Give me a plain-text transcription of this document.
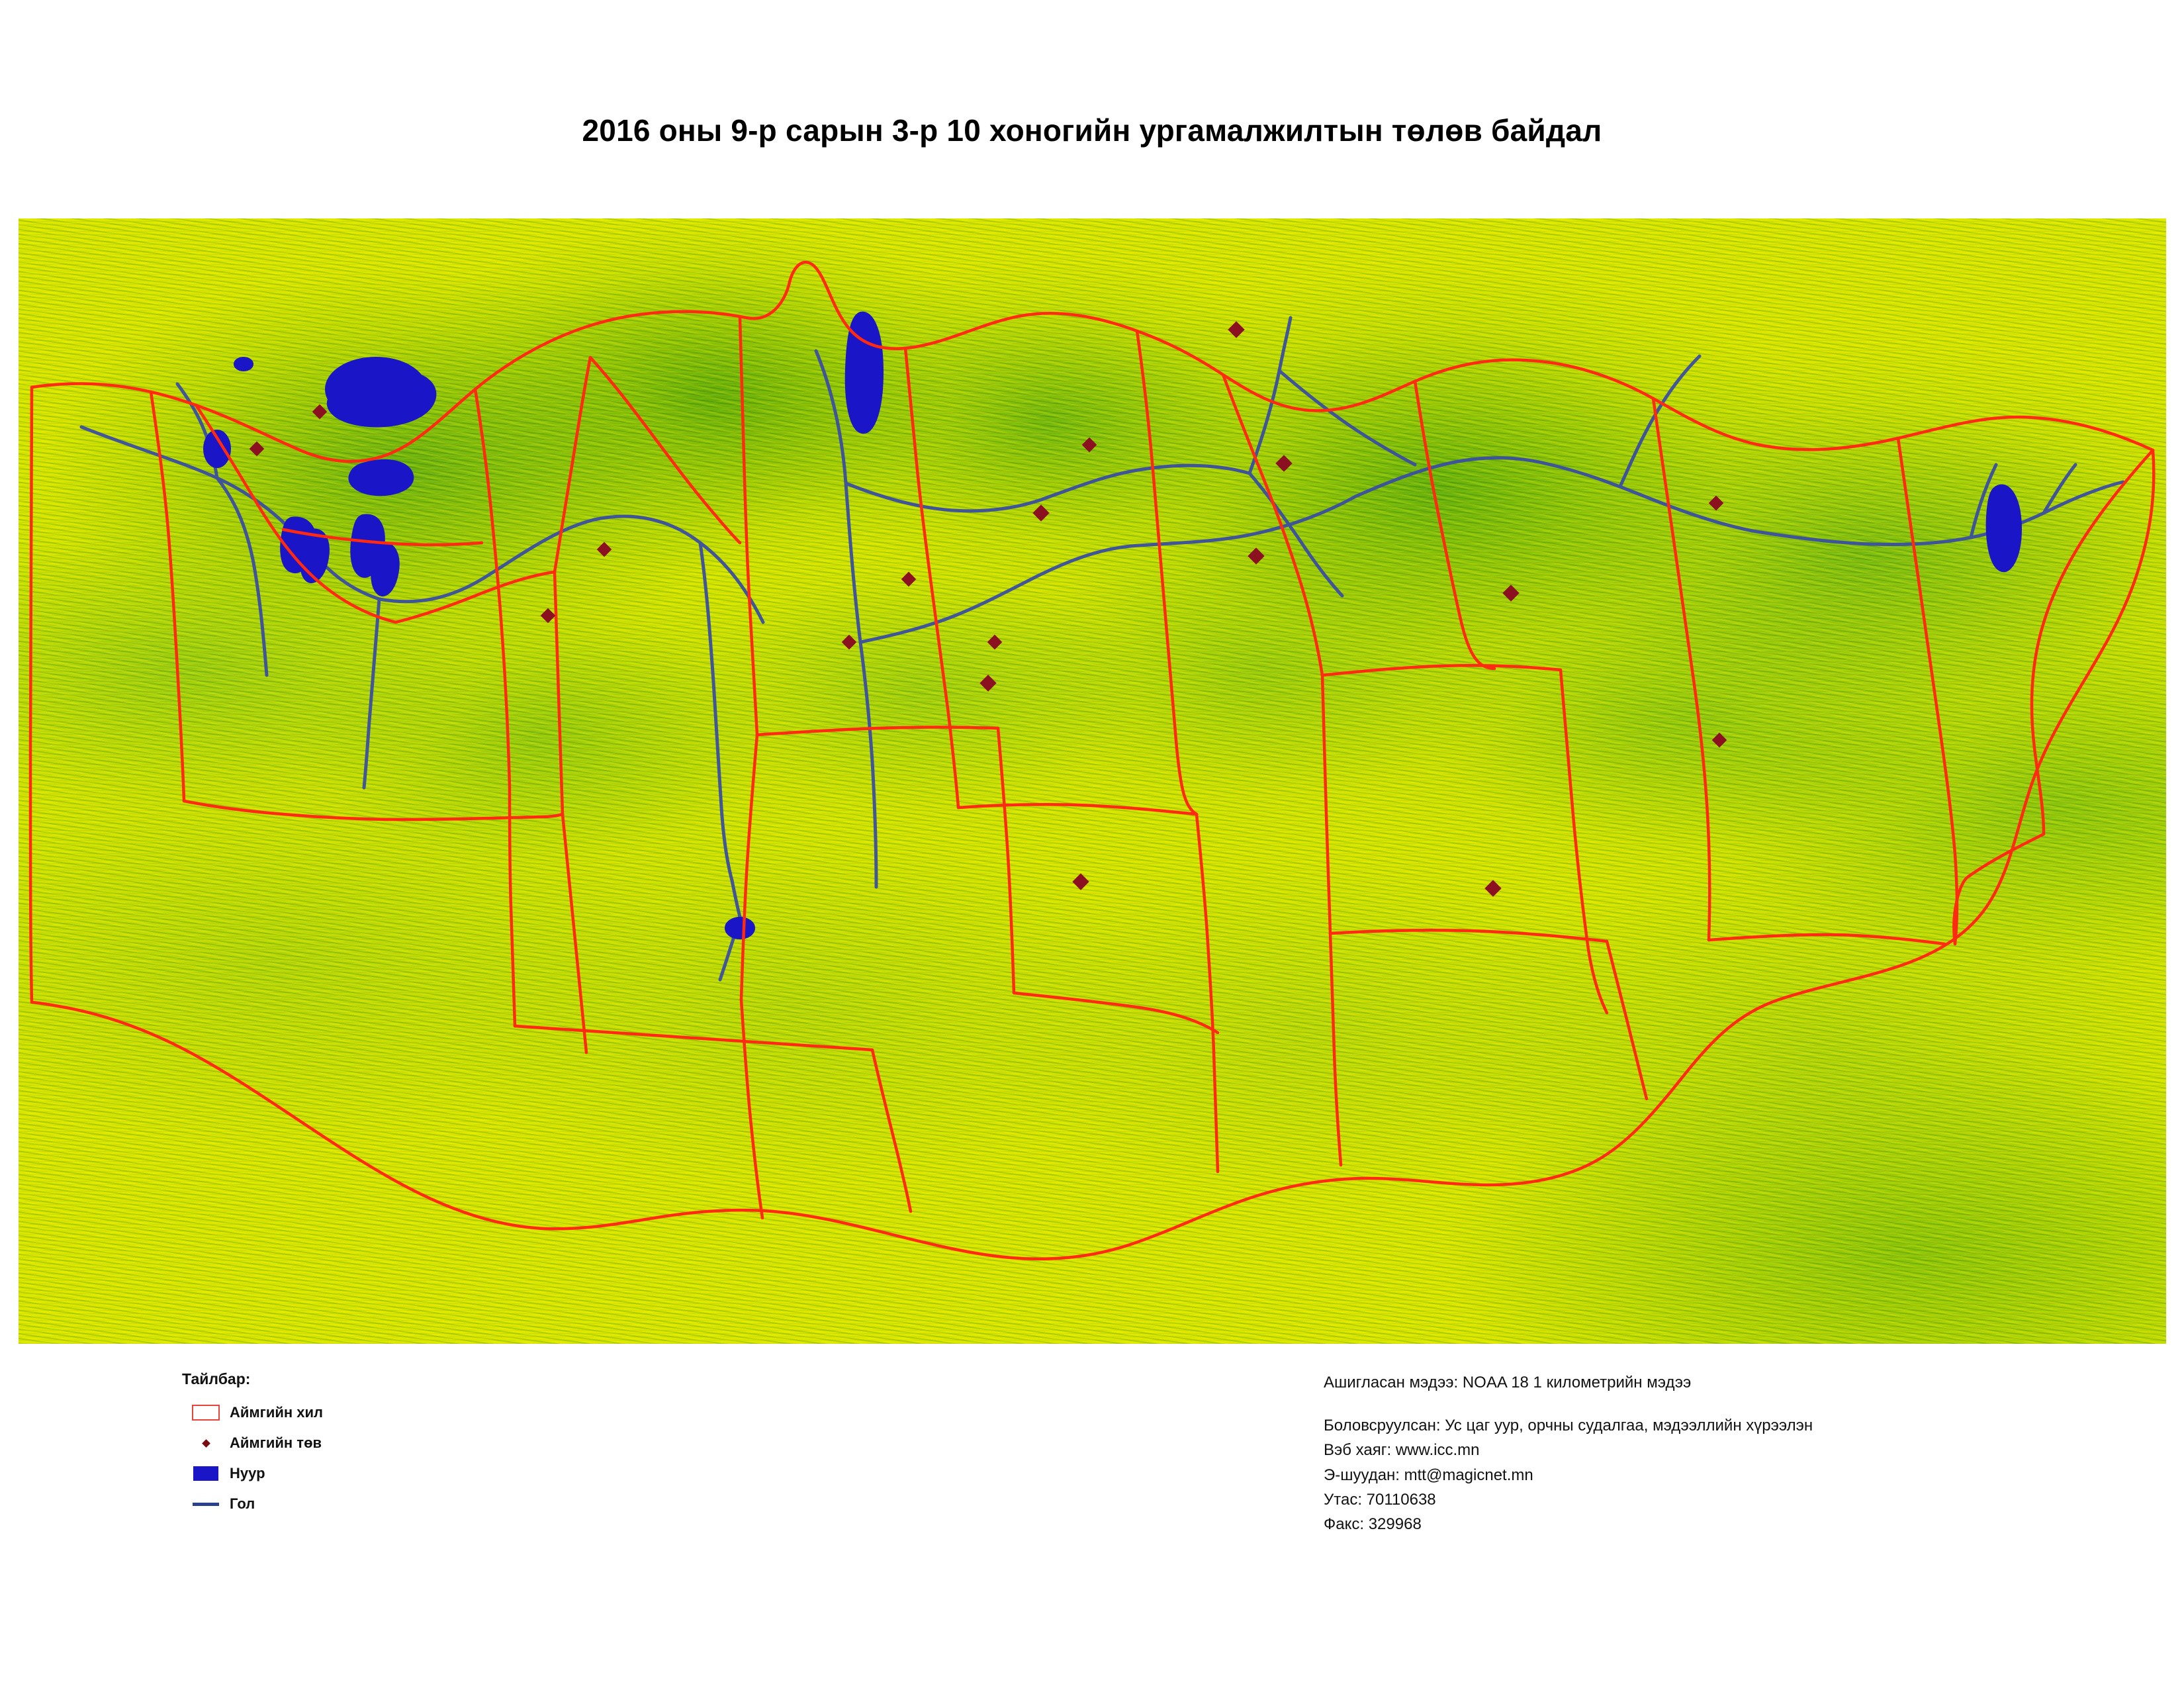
2016 оны 9-р сарын 3-р 10 хоногийн ургамалжилтын төлөв байдал
Тайлбар:
Аймгийн хил
Аймгийн төв
Нуур
Гол
Ашигласан мэдээ: NOAA 18 1 километрийн мэдээ
Боловсруулсан: Ус цаг уур, орчны судалгаа, мэдээллийн хүрээлэн
Вэб хаяг: www.icc.mn
Э-шуудан: mtt@magicnet.mn
Утас: 70110638
Факс: 329968
